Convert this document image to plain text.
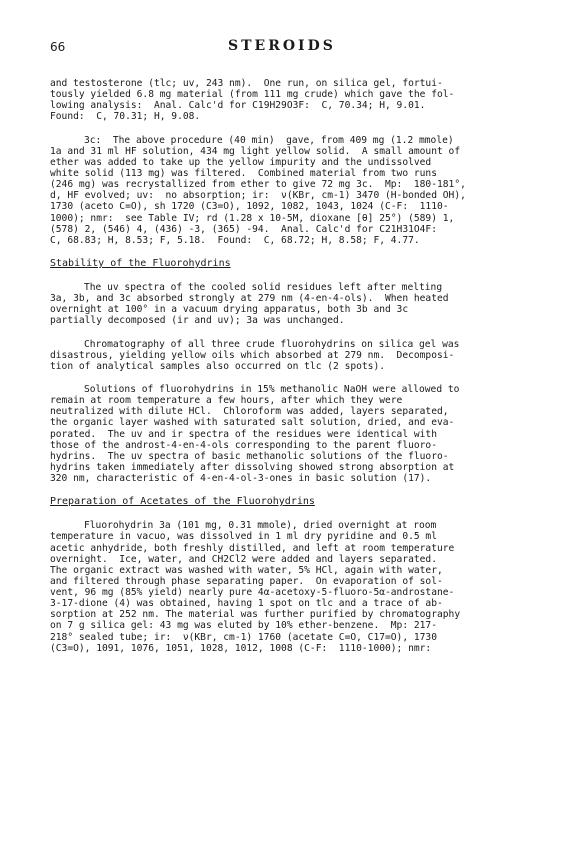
66	STEROIDS
and testosterone (tlc; uv, 243 nm).  One run, on silica gel, fortui-
tously yielded 6.8 mg material (from 111 mg crude) which gave the fol-
lowing analysis:  Anal. Calc'd for C19H29O3F:  C, 70.34; H, 9.01.
Found:  C, 70.31; H, 9.08.
3c:  The above procedure (40 min)  gave, from 409 mg (1.2 mmole)
1a and 31 ml HF solution, 434 mg light yellow solid.  A small amount of
ether was added to take up the yellow impurity and the undissolved
white solid (113 mg) was filtered.  Combined material from two runs
(246 mg) was recrystallized from ether to give 72 mg 3c.  Mp:  180-181°,
d, HF evolved; uv:  no absorption; ir:  ν(KBr, cm-1) 3470 (H-bonded OH),
1730 (aceto C=O), sh 1720 (C3=O), 1092, 1082, 1043, 1024 (C-F:  1110-
1000); nmr:  see Table IV; rd (1.28 x 10-5M, dioxane [θ] 25°) (589) 1,
(578) 2, (546) 4, (436) -3, (365) -94.  Anal. Calc'd for C21H31O4F:
C, 68.83; H, 8.53; F, 5.18.  Found:  C, 68.72; H, 8.58; F, 4.77.
Stability of the Fluorohydrins
The uv spectra of the cooled solid residues left after melting
3a, 3b, and 3c absorbed strongly at 279 nm (4-en-4-ols).  When heated
overnight at 100° in a vacuum drying apparatus, both 3b and 3c
partially decomposed (ir and uv); 3a was unchanged.
Chromatography of all three crude fluorohydrins on silica gel was
disastrous, yielding yellow oils which absorbed at 279 nm.  Decomposi-
tion of analytical samples also occurred on tlc (2 spots).
Solutions of fluorohydrins in 15% methanolic NaOH were allowed to
remain at room temperature a few hours, after which they were
neutralized with dilute HCl.  Chloroform was added, layers separated,
the organic layer washed with saturated salt solution, dried, and eva-
porated.  The uv and ir spectra of the residues were identical with
those of the androst-4-en-4-ols corresponding to the parent fluoro-
hydrins.  The uv spectra of basic methanolic solutions of the fluoro-
hydrins taken immediately after dissolving showed strong absorption at
320 nm, characteristic of 4-en-4-ol-3-ones in basic solution (17).
Preparation of Acetates of the Fluorohydrins
Fluorohydrin 3a (101 mg, 0.31 mmole), dried overnight at room
temperature in vacuo, was dissolved in 1 ml dry pyridine and 0.5 ml
acetic anhydride, both freshly distilled, and left at room temperature
overnight.  Ice, water, and CH2Cl2 were added and layers separated.
The organic extract was washed with water, 5% HCl, again with water,
and filtered through phase separating paper.  On evaporation of sol-
vent, 96 mg (85% yield) nearly pure 4α-acetoxy-5-fluoro-5α-androstane-
3-17-dione (4) was obtained, having 1 spot on tlc and a trace of ab-
sorption at 252 nm. The material was further purified by chromatography
on 7 g silica gel: 43 mg was eluted by 10% ether-benzene.  Mp: 217-
218° sealed tube; ir:  ν(KBr, cm-1) 1760 (acetate C=O, C17=O), 1730
(C3=O), 1091, 1076, 1051, 1028, 1012, 1008 (C-F:  1110-1000); nmr:
